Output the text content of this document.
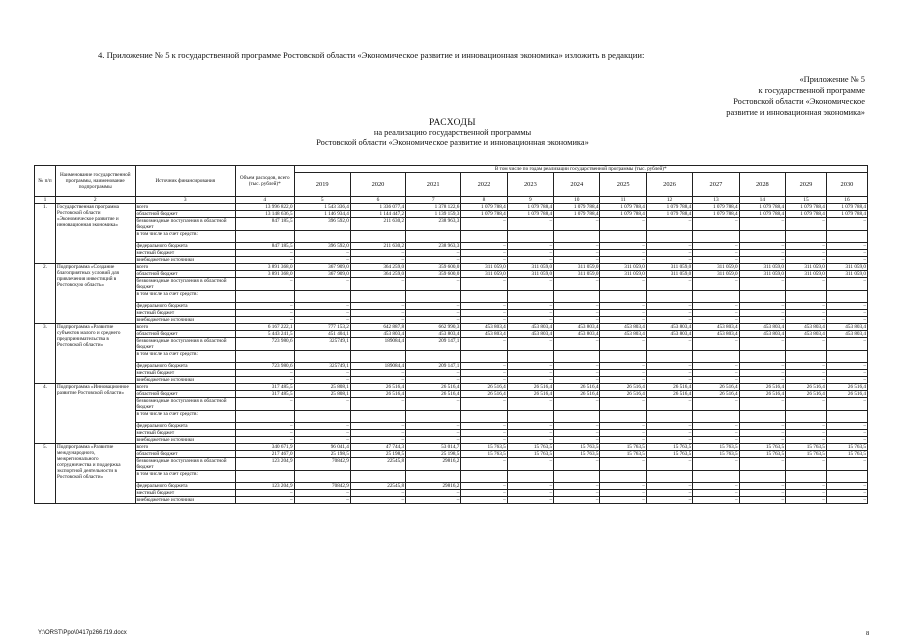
4. Приложение № 5 к государственной программе Ростовской области «Экономическое развитие и инновационная экономика» изложить в редакции:
«Приложение № 5
к государственной программе
Ростовской области «Экономическое
развитие и инновационная экономика»
РАСХОДЫ
на реализацию государственной программы
Ростовской области «Экономическое развитие и инновационная экономика»
№ п/п	Наименование государственной программы, наименование подпрограммы	Источник финансирования	Объем расходов, всего (тыс. рублей)*	В том числе по годам реализации государственной программы (тыс. рублей)*											
				2019	2020	2021	2022	2023	2024	2025	2026	2027	2028	2029	2030
1	2	3	4	5	6	7	8	9	10	11	12	13	14	15	16
1.	Государственная программа Ростовской области «Экономическое развитие и инновационная экономика»	всего	13 996 822,0	1 543 336,4	1 336 077,4	1 378 122,6	1 079 788,4	1 079 788,4	1 079 788,4	1 079 788,4	1 079 788,4	1 079 788,4	1 079 788,4	1 079 788,4	1 079 788,4
		областной бюджет	13 148 636,5	1 146 934,4	1 144 447,2	1 139 159,3	1 079 788,4	1 079 788,4	1 079 788,4	1 079 788,4	1 079 788,4	1 079 788,4	1 079 788,4	1 079 788,4	1 079 788,4
		безвозмездные поступления в областной бюджет	847 185,5	396 592,0	211 630,2	238 963,3	–	–	–	–	–	–	–	–	–
		в том числе за счет средств:													
		федерального бюджета	847 185,5	396 592,0	211 630,2	238 963,3	–	–	–	–	–	–	–	–	–
		местный бюджет	–	–	–	–	–	–	–	–	–	–	–	–	–
		внебюджетные источники	–	–	–	–	–	–	–	–	–	–	–	–	–
2.	Подпрограмма «Создание благоприятных условий для привлечения инвестиций в Ростовскую область»	всего	3 891 368,0	367 909,0	364 259,0	359 600,0	311 059,0	311 059,0	311 059,0	311 059,0	311 059,0	311 059,0	311 059,0	311 059,0	311 059,0
		областной бюджет	3 891 368,0	367 909,0	364 259,0	359 600,0	311 059,0	311 059,0	311 059,0	311 059,0	311 059,0	311 059,0	311 059,0	311 059,0	311 059,0
		безвозмездные поступления в областной бюджет	–	–	–	–	–	–	–	–	–	–	–	–	–
		в том числе за счет средств:													
		федерального бюджета	–	–	–	–	–	–	–	–	–	–	–	–	–
		местный бюджет	–	–	–	–	–	–	–	–	–	–	–	–	–
		внебюджетные источники	–	–	–	–	–	–	–	–	–	–	–	–	–
3.	Подпрограмма «Развитие субъектов малого и среднего предпринимательства в Ростовской области»	всего	6 167 222,1	777 153,2	642 887,8	662 990,3	453 803,4	453 803,4	453 803,4	453 803,4	453 803,4	453 803,4	453 803,4	453 803,4	453 803,4
		областной бюджет	5 443 241,5	451 404,1	453 803,4	453 803,4	453 803,4	453 803,4	453 803,4	453 803,4	453 803,4	453 803,4	453 803,4	453 803,4	453 803,4
		безвозмездные поступления в областной бюджет	723 980,6	325749,1	189084,4	209 147,1	–	–	–	–	–	–	–	–	–
		в том числе за счет средств:													
		федерального бюджета	723 980,6	325749,1	189084,4	209 147,1	–	–	–	–	–	–	–	–	–
		местный бюджет	–	–	–	–	–	–	–	–	–	–	–	–	–
		внебюджетные источники	–	–	–	–	–	–	–	–	–	–	–	–	–
4.	Подпрограмма «Инновационное развитие Ростовской области»	всего	317 485,5	25 808,1	26 516,4	26 516,4	26 516,4	26 516,4	26 516,4	26 516,4	26 516,4	26 516,4	26 516,4	26 516,4	26 516,4
		областной бюджет	317 485,5	25 808,1	26 516,4	26 516,4	26 516,4	26 516,4	26 516,4	26 516,4	26 516,4	26 516,4	26 516,4	26 516,4	26 516,4
		безвозмездные поступления в областной бюджет	–	–	–	–	–	–	–	–	–	–	–	–	–
		в том числе за счет средств:													
		федерального бюджета	–	–	–	–	–	–	–	–	–	–	–	–	–
		местный бюджет	–	–	–	–	–	–	–	–	–	–	–	–	–
		внебюджетные источники	–	–	–	–	–	–	–	–	–	–	–	–	–
5.	Подпрограмма «Развитие международного, межрегионального сотрудничества и поддержка экспортной деятельности в Ростовской области»	всего	340 671,9	96 041,4	47 744,3	53 014,7	15 763,5	15 763,5	15 763,5	15 763,5	15 763,5	15 763,5	15 763,5	15 763,5	15 763,5
		областной бюджет	217 467,0	25 198,5	25 198,5	25 198,5	15 763,5	15 763,5	15 763,5	15 763,5	15 763,5	15 763,5	15 763,5	15 763,5	15 763,5
		безвозмездные поступления в областной бюджет	123 204,9	70842,9	22545,8	29816,2	–	–	–	–	–	–	–	–	–
		в том числе за счет средств:													
		федерального бюджета	123 204,9	70842,9	22545,8	29816,2	–	–	–	–	–	–	–	–	–
		местный бюджет	–	–	–	–	–	–	–	–	–	–	–	–	–
		внебюджетные источники	–	–	–	–	–	–	–	–	–	–	–	–	–
Y:\ORST\Ppo\0417p266.f19.docx	8
